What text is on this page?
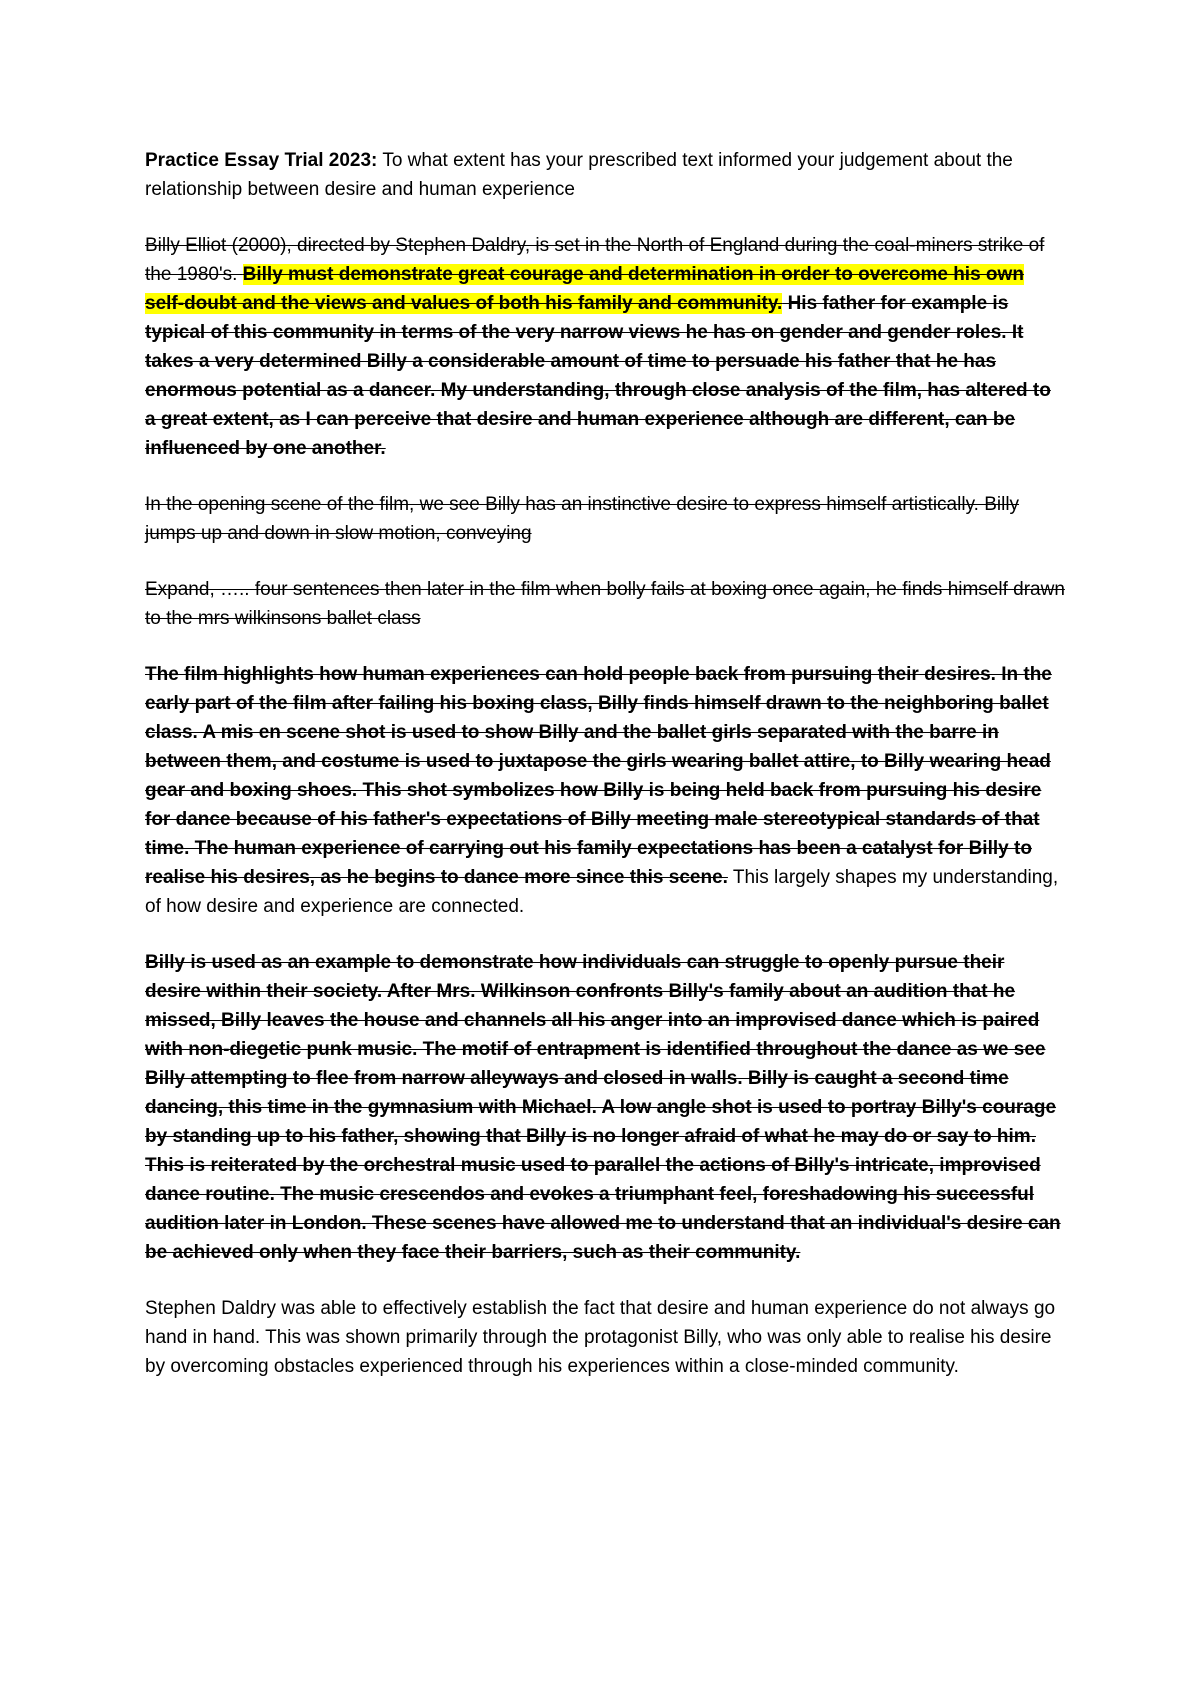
Practice Essay Trial 2023: To what extent has your prescribed text informed your judgement about the relationship between desire and human experience

Billy Elliot (2000), directed by Stephen Daldry, is set in the North of England during the coal-miners strike of the 1980's. Billy must demonstrate great courage and determination in order to overcome his own self-doubt and the views and values of both his family and community. His father for example is typical of this community in terms of the very narrow views he has on gender and gender roles. It takes a very determined Billy a considerable amount of time to persuade his father that he has enormous potential as a dancer. My understanding, through close analysis of the film, has altered to a great extent, as I can perceive that desire and human experience although are different, can be influenced by one another.

In the opening scene of the film, we see Billy has an instinctive desire to express himself artistically. Billy jumps up and down in slow motion, conveying

Expand, ….. four sentences then later in the film when bolly fails at boxing once again, he finds himself drawn to the mrs wilkinsons ballet class

The film highlights how human experiences can hold people back from pursuing their desires. In the early part of the film after failing his boxing class, Billy finds himself drawn to the neighboring ballet class. A mis en scene shot is used to show Billy and the ballet girls separated with the barre in between them, and costume is used to juxtapose the girls wearing ballet attire, to Billy wearing head gear and boxing shoes. This shot symbolizes how Billy is being held back from pursuing his desire for dance because of his father's expectations of Billy meeting male stereotypical standards of that time. The human experience of carrying out his family expectations has been a catalyst for Billy to realise his desires, as he begins to dance more since this scene. This largely shapes my understanding, of how desire and experience are connected.

Billy is used as an example to demonstrate how individuals can struggle to openly pursue their desire within their society. After Mrs. Wilkinson confronts Billy's family about an audition that he missed, Billy leaves the house and channels all his anger into an improvised dance which is paired with non-diegetic punk music. The motif of entrapment is identified throughout the dance as we see Billy attempting to flee from narrow alleyways and closed in walls. Billy is caught a second time dancing, this time in the gymnasium with Michael. A low angle shot is used to portray Billy's courage by standing up to his father, showing that Billy is no longer afraid of what he may do or say to him. This is reiterated by the orchestral music used to parallel the actions of Billy's intricate, improvised dance routine. The music crescendos and evokes a triumphant feel, foreshadowing his successful audition later in London. These scenes have allowed me to understand that an individual's desire can be achieved only when they face their barriers, such as their community.

Stephen Daldry was able to effectively establish the fact that desire and human experience do not always go hand in hand. This was shown primarily through the protagonist Billy, who was only able to realise his desire by overcoming obstacles experienced through his experiences within a close-minded community.
